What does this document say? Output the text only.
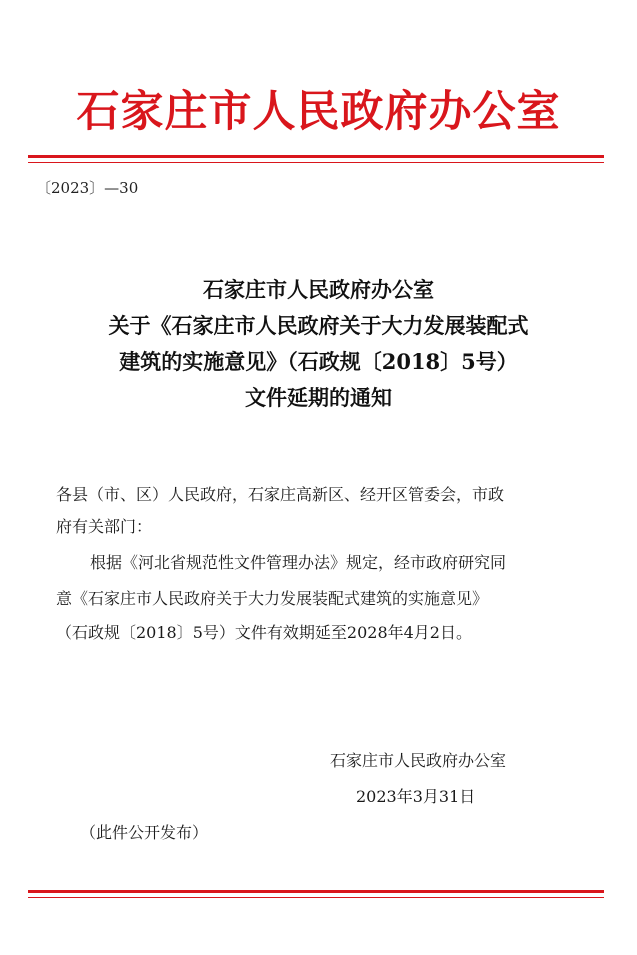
石家庄市人民政府办公室
〔2023〕—30
石家庄市人民政府办公室
关于《石家庄市人民政府关于大力发展装配式
建筑的实施意见》（石政规〔2018〕5号）
文件延期的通知
各县（市、区）人民政府，石家庄高新区、经开区管委会，市政
府有关部门：
根据《河北省规范性文件管理办法》规定，经市政府研究同
意《石家庄市人民政府关于大力发展装配式建筑的实施意见》
（石政规〔2018〕5号）文件有效期延至2028年4月2日。
石家庄市人民政府办公室
2023年3月31日
（此件公开发布）
